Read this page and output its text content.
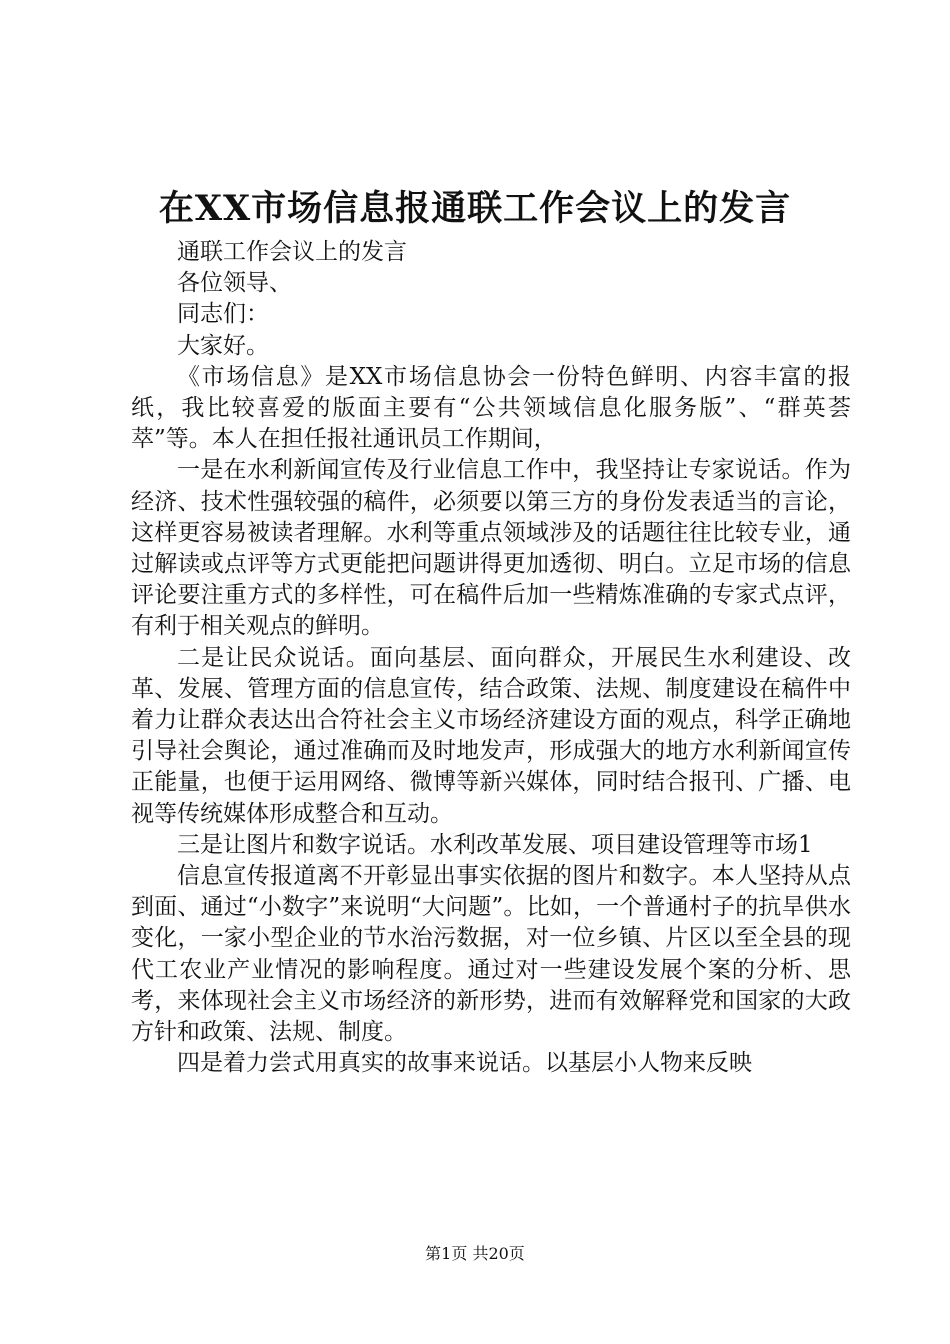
在XX市场信息报通联工作会议上的发言

通联工作会议上的发言

各位领导、

同志们：

大家好。

《市场信息》是XX市场信息协会一份特色鲜明、内容丰富的报纸，我比较喜爱的版面主要有“公共领域信息化服务版”、“群英荟萃”等。本人在担任报社通讯员工作期间，

一是在水利新闻宣传及行业信息工作中，我坚持让专家说话。作为经济、技术性强较强的稿件，必须要以第三方的身份发表适当的言论，这样更容易被读者理解。水利等重点领域涉及的话题往往比较专业，通过解读或点评等方式更能把问题讲得更加透彻、明白。立足市场的信息评论要注重方式的多样性，可在稿件后加一些精炼准确的专家式点评，有利于相关观点的鲜明。

二是让民众说话。面向基层、面向群众，开展民生水利建设、改革、发展、管理方面的信息宣传，结合政策、法规、制度建设在稿件中着力让群众表达出合符社会主义市场经济建设方面的观点，科学正确地引导社会舆论，通过准确而及时地发声，形成强大的地方水利新闻宣传正能量，也便于运用网络、微博等新兴媒体，同时结合报刊、广播、电视等传统媒体形成整合和互动。

三是让图片和数字说话。水利改革发展、项目建设管理等市场1

信息宣传报道离不开彰显出事实依据的图片和数字。本人坚持从点到面、通过“小数字”来说明“大问题”。比如，一个普通村子的抗旱供水变化，一家小型企业的节水治污数据，对一位乡镇、片区以至全县的现代工农业产业情况的影响程度。通过对一些建设发展个案的分析、思考，来体现社会主义市场经济的新形势，进而有效解释党和国家的大政方针和政策、法规、制度。

四是着力尝式用真实的故事来说话。以基层小人物来反映

第1页 共20页
